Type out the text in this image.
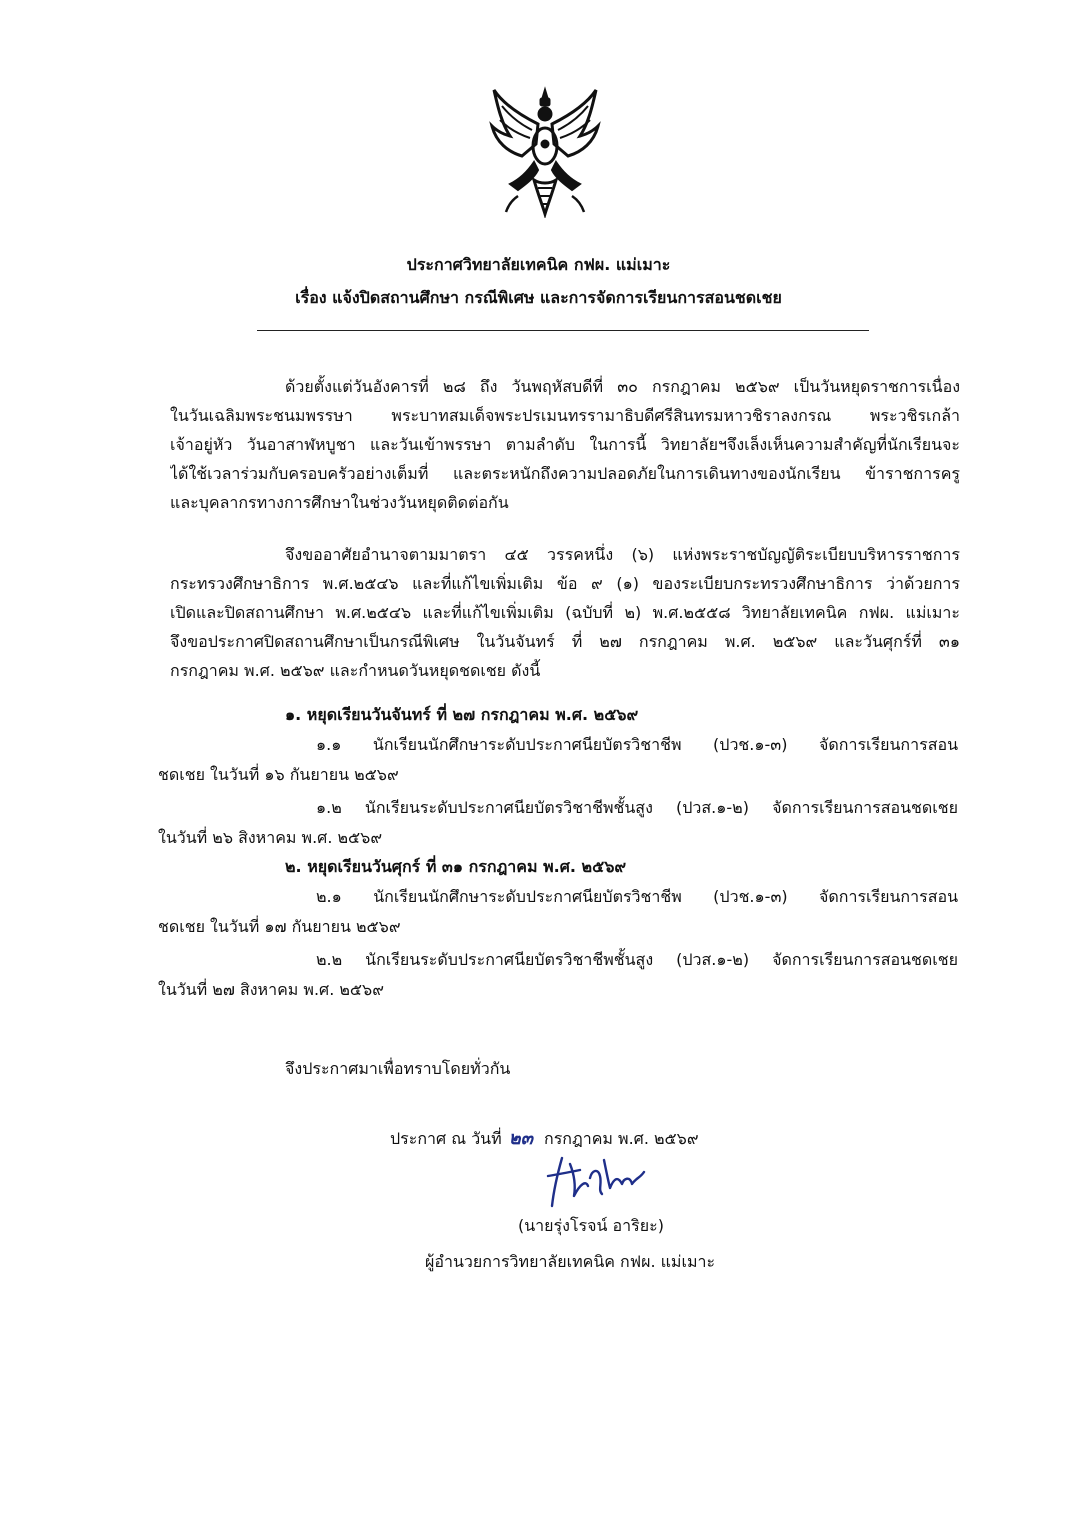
ประกาศวิทยาลัยเทคนิค กฟผ. แม่เมาะ
เรื่อง แจ้งปิดสถานศึกษา กรณีพิเศษ และการจัดการเรียนการสอนชดเชย
ด้วยตั้งแต่วันอังคารที่ ๒๘ ถึง วันพฤหัสบดีที่ ๓๐ กรกฎาคม ๒๕๖๙ เป็นวันหยุดราชการเนื่อง
ในวันเฉลิมพระชนมพรรษา พระบาทสมเด็จพระปรเมนทรรามาธิบดีศรีสินทรมหาวชิราลงกรณ พระวชิรเกล้า
เจ้าอยู่หัว วันอาสาฬหบูชา และวันเข้าพรรษา ตามลำดับ ในการนี้ วิทยาลัยฯจึงเล็งเห็นความสำคัญที่นักเรียนจะ
ได้ใช้เวลาร่วมกับครอบครัวอย่างเต็มที่ และตระหนักถึงความปลอดภัยในการเดินทางของนักเรียน ข้าราชการครู
และบุคลากรทางการศึกษาในช่วงวันหยุดติดต่อกัน
จึงขออาศัยอำนาจตามมาตรา ๔๕ วรรคหนึ่ง (๖) แห่งพระราชบัญญัติระเบียบบริหารราชการ
กระทรวงศึกษาธิการ พ.ศ.๒๕๔๖ และที่แก้ไขเพิ่มเติม ข้อ ๙ (๑) ของระเบียบกระทรวงศึกษาธิการ ว่าด้วยการ
เปิดและปิดสถานศึกษา พ.ศ.๒๕๔๖ และที่แก้ไขเพิ่มเติม (ฉบับที่ ๒) พ.ศ.๒๕๕๘ วิทยาลัยเทคนิค กฟผ. แม่เมาะ
จึงขอประกาศปิดสถานศึกษาเป็นกรณีพิเศษ ในวันจันทร์ ที่ ๒๗ กรกฎาคม พ.ศ. ๒๕๖๙ และวันศุกร์ที่ ๓๑
กรกฎาคม พ.ศ. ๒๕๖๙ และกำหนดวันหยุดชดเชย ดังนี้
๑. หยุดเรียนวันจันทร์ ที่ ๒๗ กรกฎาคม พ.ศ. ๒๕๖๙
๑.๑ นักเรียนนักศึกษาระดับประกาศนียบัตรวิชาชีพ (ปวช.๑-๓) จัดการเรียนการสอน
ชดเชย ในวันที่ ๑๖ กันยายน ๒๕๖๙
๑.๒ นักเรียนระดับประกาศนียบัตรวิชาชีพชั้นสูง (ปวส.๑-๒) จัดการเรียนการสอนชดเชย
ในวันที่ ๒๖ สิงหาคม พ.ศ. ๒๕๖๙
๒. หยุดเรียนวันศุกร์ ที่ ๓๑ กรกฎาคม พ.ศ. ๒๕๖๙
๒.๑ นักเรียนนักศึกษาระดับประกาศนียบัตรวิชาชีพ (ปวช.๑-๓) จัดการเรียนการสอน
ชดเชย ในวันที่ ๑๗ กันยายน ๒๕๖๙
๒.๒ นักเรียนระดับประกาศนียบัตรวิชาชีพชั้นสูง (ปวส.๑-๒) จัดการเรียนการสอนชดเชย
ในวันที่ ๒๗ สิงหาคม พ.ศ. ๒๕๖๙
จึงประกาศมาเพื่อทราบโดยทั่วกัน
ประกาศ ณ วันที่ ๒๓ กรกฎาคม พ.ศ. ๒๕๖๙
(นายรุ่งโรจน์ อาริยะ)
ผู้อำนวยการวิทยาลัยเทคนิค กฟผ. แม่เมาะ
